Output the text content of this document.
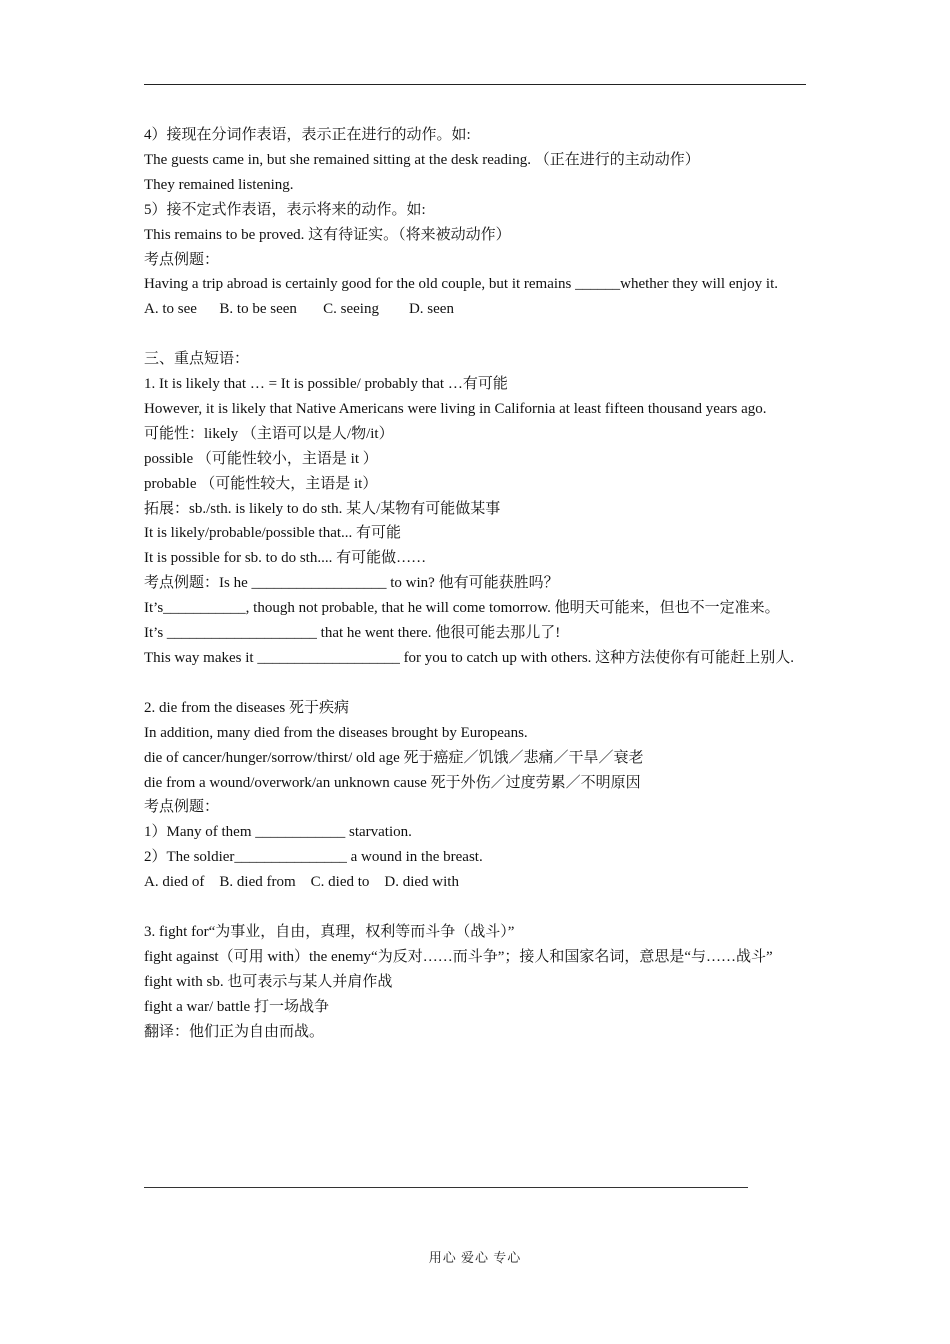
4）接现在分词作表语，表示正在进行的动作。如:

The guests came in, but she remained sitting at the desk reading. （正在进行的主动动作）

They remained listening.

5）接不定式作表语，表示将来的动作。如:

This remains to be proved. 这有待证实。（将来被动动作）

考点例题：

Having a trip abroad is certainly good for the old couple, but it remains ______whether they will enjoy it.

A. to see      B. to be seen       C. seeing        D. seen

三、重点短语：

1. It is likely that … = It is possible/ probably that …有可能

However, it is likely that Native Americans were living in California at least fifteen thousand years ago.

可能性：likely （主语可以是人/物/it）

possible （可能性较小，主语是 it ）

probable （可能性较大，主语是 it）

拓展：sb./sth. is likely to do sth. 某人/某物有可能做某事

It is likely/probable/possible that... 有可能

It is possible for sb. to do sth.... 有可能做……

考点例题：Is he __________________ to win? 他有可能获胜吗？

It’s___________, though not probable, that he will come tomorrow. 他明天可能来，但也不一定准来。

It’s ____________________ that he went there. 他很可能去那儿了!

This way makes it ___________________ for you to catch up with others. 这种方法使你有可能赶上别人.

2. die from the diseases 死于疾病

In addition, many died from the diseases brought by Europeans.

die of cancer/hunger/sorrow/thirst/ old age 死于癌症／饥饿／悲痛／干旱／衰老

die from a wound/overwork/an unknown cause 死于外伤／过度劳累／不明原因

考点例题：

1）Many of them ____________ starvation.

2）The soldier_______________ a wound in the breast.

A. died of    B. died from    C. died to    D. died with

3. fight for“为事业，自由，真理，权利等而斗争（战斗）”

fight against（可用 with）the enemy“为反对……而斗争”；接人和国家名词，意思是“与……战斗”

fight with sb. 也可表示与某人并肩作战

fight a war/ battle 打一场战争

翻译：他们正为自由而战。

用心 爱心 专心
